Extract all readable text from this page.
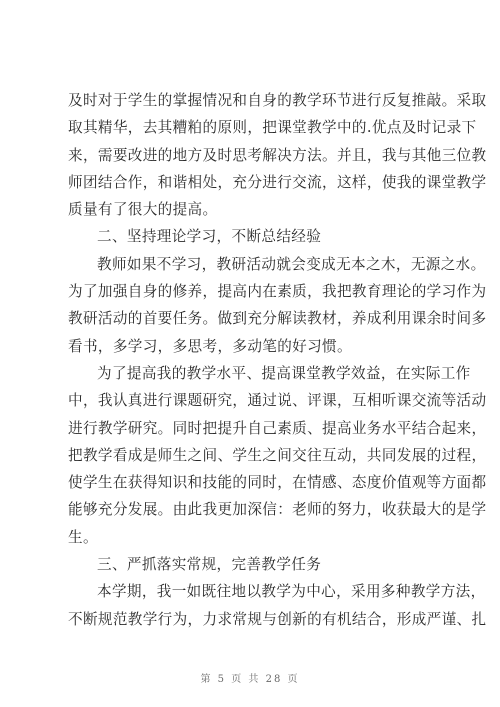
及时对于学生的掌握情况和自身的教学环节进行反复推敲。采取
取其精华，去其糟粕的原则，把课堂教学中的.优点及时记录下
来，需要改进的地方及时思考解决方法。并且，我与其他三位教
师团结合作，和谐相处，充分进行交流，这样，使我的课堂教学
质量有了很大的提高。
二、坚持理论学习，不断总结经验
教师如果不学习，教研活动就会变成无本之木，无源之水。
为了加强自身的修养，提高内在素质，我把教育理论的学习作为
教研活动的首要任务。做到充分解读教材，养成利用课余时间多
看书，多学习，多思考，多动笔的好习惯。
为了提高我的教学水平、提高课堂教学效益，在实际工作
中，我认真进行课题研究，通过说、评课，互相听课交流等活动
进行教学研究。同时把提升自己素质、提高业务水平结合起来，
把教学看成是师生之间、学生之间交往互动，共同发展的过程，
使学生在获得知识和技能的同时，在情感、态度价值观等方面都
能够充分发展。由此我更加深信：老师的努力，收获最大的是学
生。
三、严抓落实常规，完善教学任务
本学期，我一如既往地以教学为中心，采用多种教学方法，
不断规范教学行为，力求常规与创新的有机结合，形成严谨、扎
第 5 页 共 28 页
